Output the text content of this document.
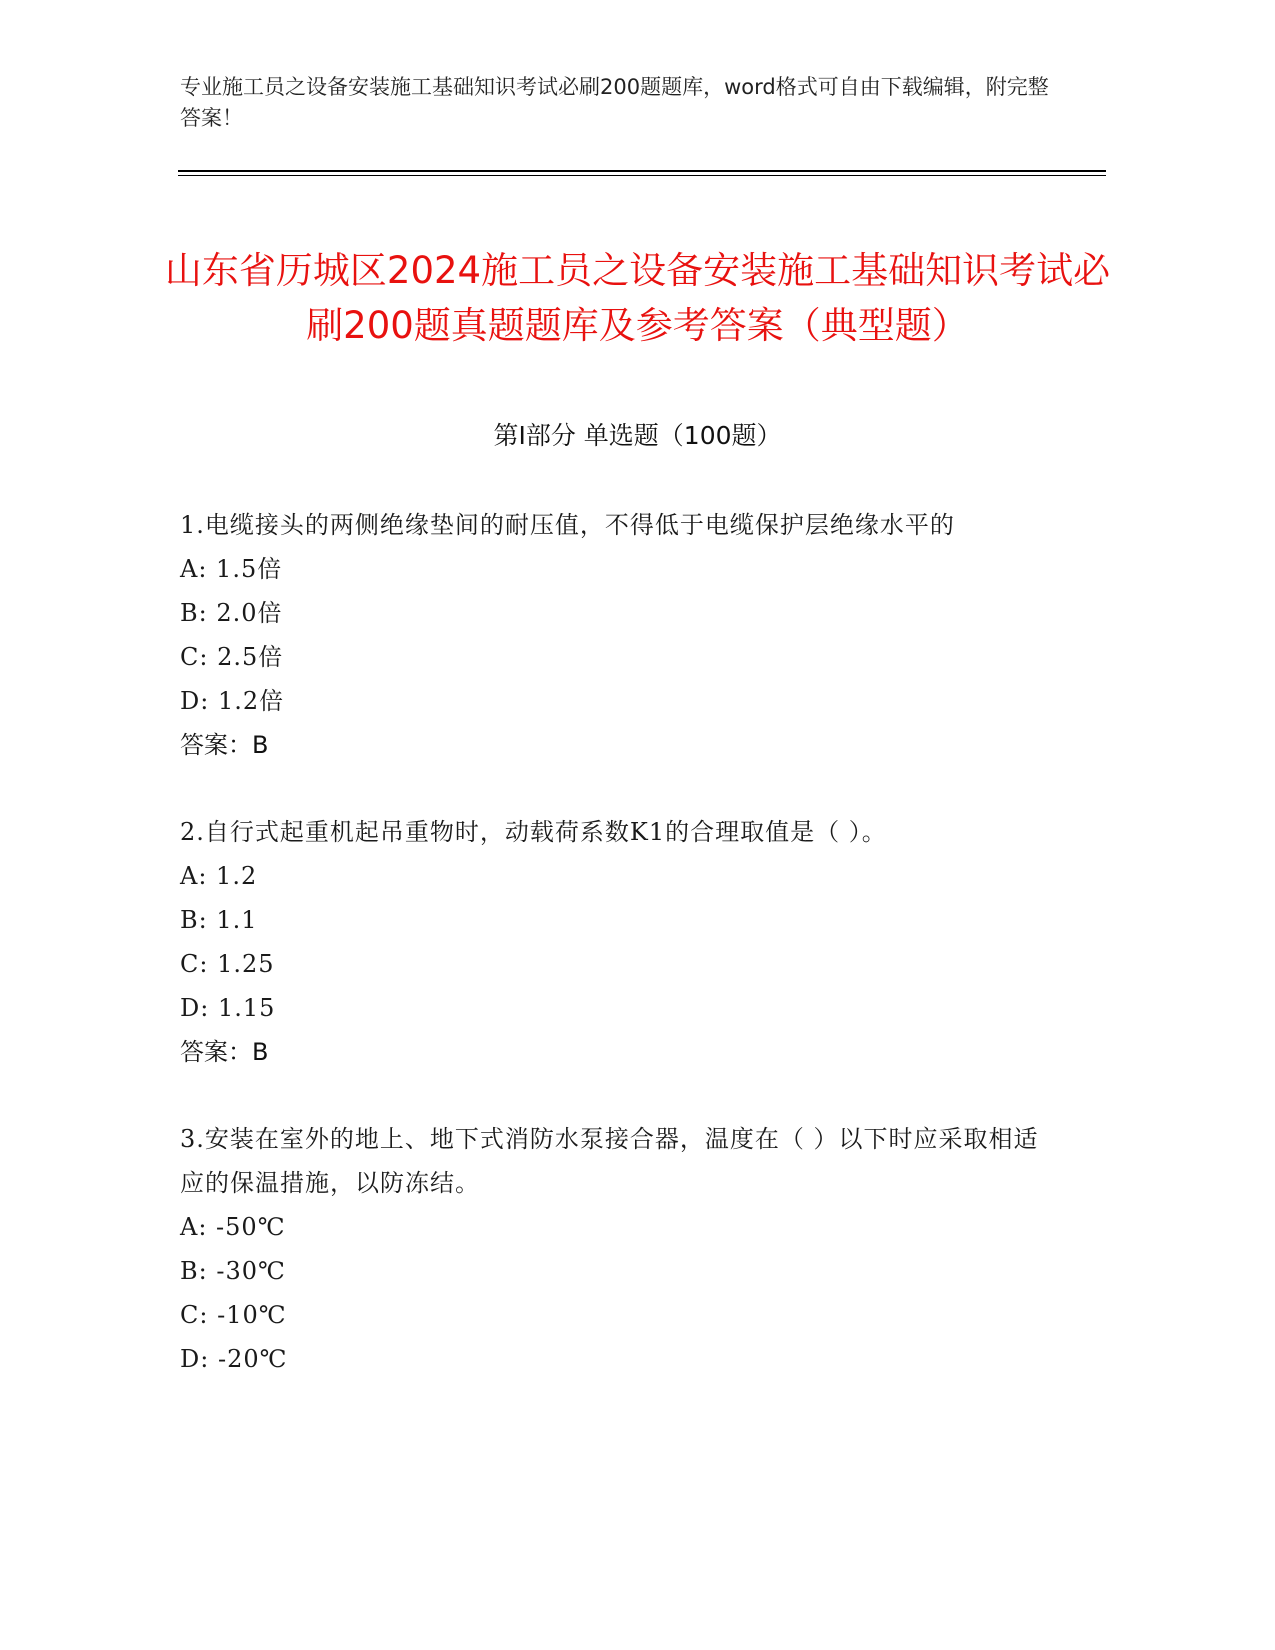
专业施工员之设备安装施工基础知识考试必刷200题题库，word格式可自由下载编辑，附完整答案！
山东省历城区2024施工员之设备安装施工基础知识考试必刷200题真题题库及参考答案（典型题）
第I部分 单选题（100题）

1.电缆接头的两侧绝缘垫间的耐压值，不得低于电缆保护层绝缘水平的

A: 1.5倍

B: 2.0倍

C: 2.5倍

D: 1.2倍

答案：B

2.自行式起重机起吊重物时，动载荷系数K1的合理取值是（ ）。

A: 1.2

B: 1.1

C: 1.25

D: 1.15

答案：B

3.安装在室外的地上、地下式消防水泵接合器，温度在（ ）以下时应采取相适应的保温措施，以防冻结。

A: -50℃

B: -30℃

C: -10℃

D: -20℃
